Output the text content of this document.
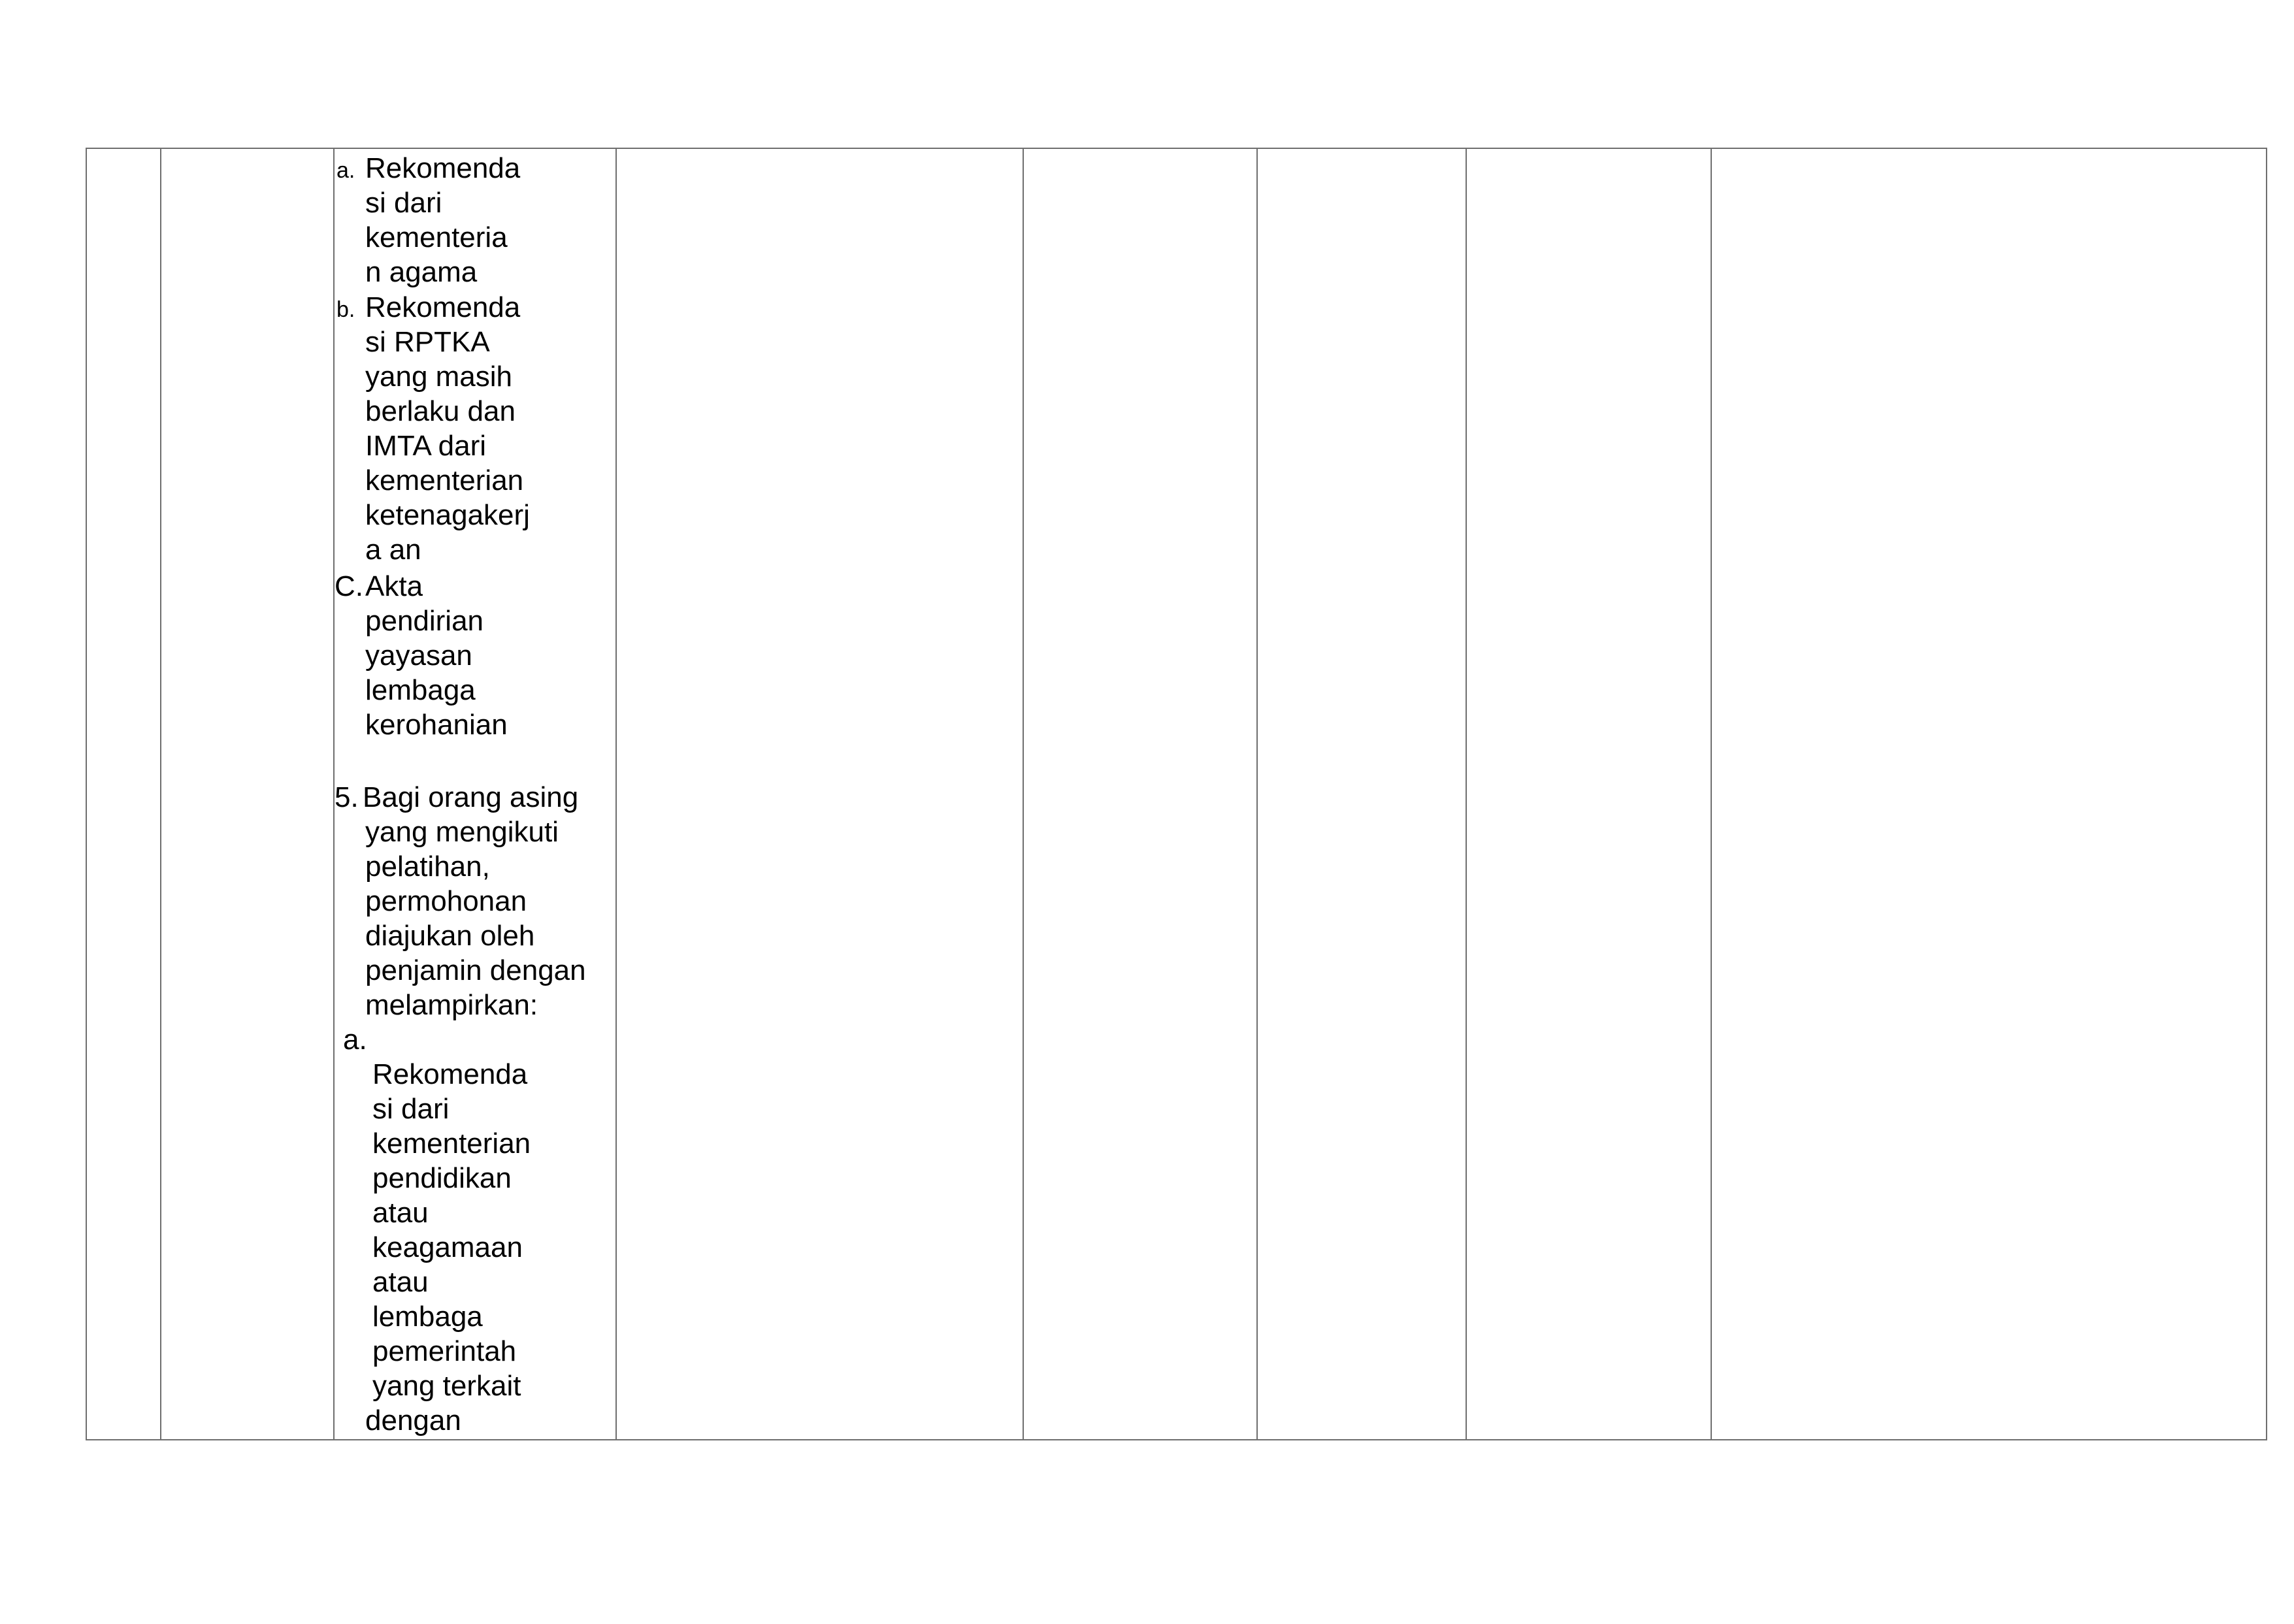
a. Rekomenda
si dari
kementeria
n agama
b. Rekomenda
si RPTKA
yang masih
berlaku dan
IMTA dari
kementerian
ketenagakerj
a an
C. Akta
pendirian
yayasan
lembaga
kerohanian
5. Bagi orang asing
yang mengikuti
pelatihan,
permohonan
diajukan oleh
penjamin dengan
melampirkan:
a.
Rekomenda
si dari
kementerian
pendidikan
atau
keagamaan
atau
lembaga
pemerintah
yang terkait
dengan
